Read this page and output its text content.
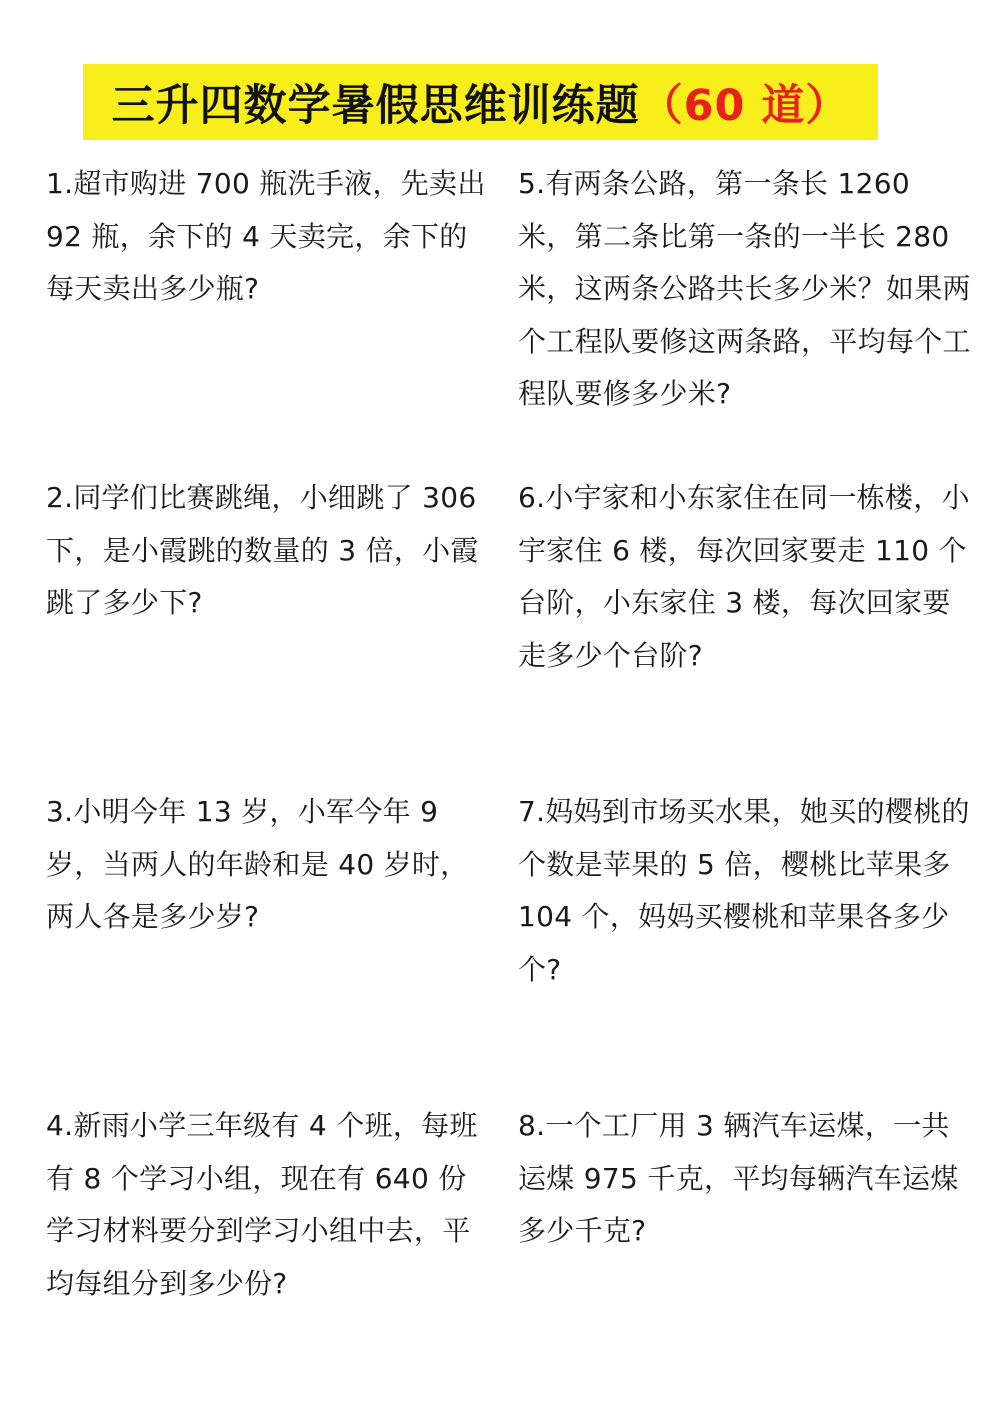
三升四数学暑假思维训练题（60 道）
1.超市购进 700 瓶洗手液，先卖出 92 瓶，余下的 4 天卖完，余下的每天卖出多少瓶?
2.同学们比赛跳绳，小细跳了 306 下，是小霞跳的数量的 3 倍，小霞跳了多少下?
3.小明今年 13 岁，小军今年 9 岁，当两人的年龄和是 40 岁时，两人各是多少岁?
4.新雨小学三年级有 4 个班，每班有 8 个学习小组，现在有 640 份学习材料要分到学习小组中去，平均每组分到多少份?
5.有两条公路，第一条长 1260 米，第二条比第一条的一半长 280 米，这两条公路共长多少米？如果两个工程队要修这两条路，平均每个工程队要修多少米?
6.小宇家和小东家住在同一栋楼，小宇家住 6 楼，每次回家要走 110 个台阶，小东家住 3 楼，每次回家要走多少个台阶?
7.妈妈到市场买水果，她买的樱桃的个数是苹果的 5 倍，樱桃比苹果多 104 个，妈妈买樱桃和苹果各多少个?
8.一个工厂用 3 辆汽车运煤，一共运煤 975 千克，平均每辆汽车运煤多少千克?
